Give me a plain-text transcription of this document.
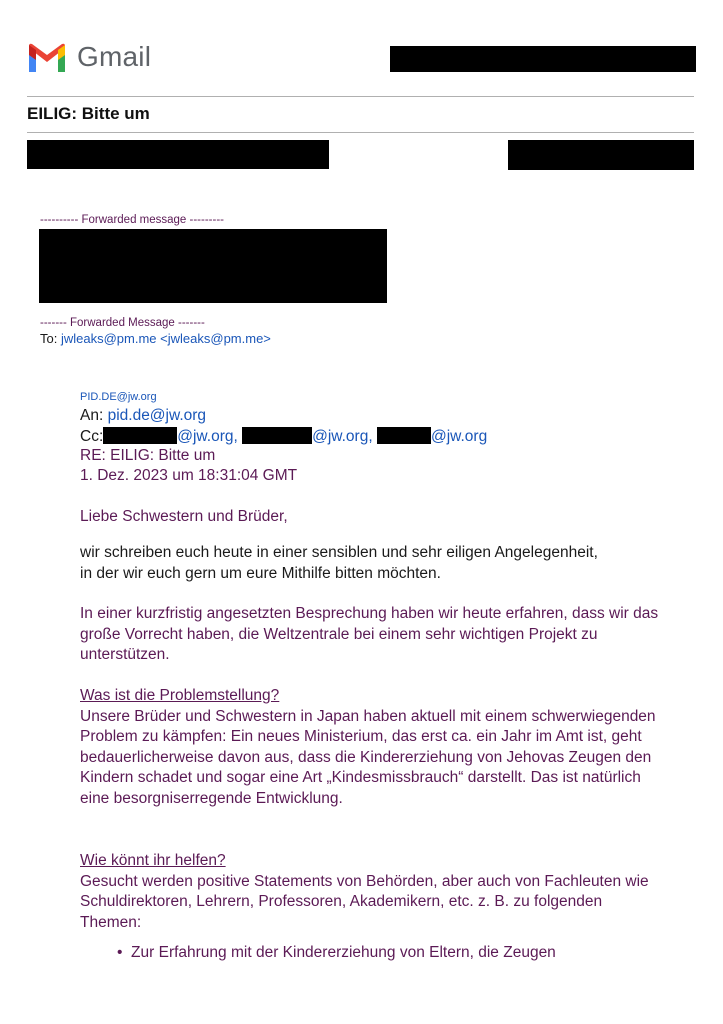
Gmail
EILIG: Bitte um
---------- Forwarded message ---------
------- Forwarded Message -------
To: jwleaks@pm.me <jwleaks@pm.me>
PID.DE@jw.org
An: pid.de@jw.org
Cc:	@jw.org,	@jw.org,	@jw.org
RE: EILIG: Bitte um
1. Dez. 2023 um 18:31:04 GMT
Liebe Schwestern und Brüder,
wir schreiben euch heute in einer sensiblen und sehr eiligen Angelegenheit, in der wir euch gern um eure Mithilfe bitten möchten.
In einer kurzfristig angesetzten Besprechung haben wir heute erfahren, dass wir das große Vorrecht haben, die Weltzentrale bei einem sehr wichtigen Projekt zu unterstützen.
Was ist die Problemstellung?
Unsere Brüder und Schwestern in Japan haben aktuell mit einem schwerwiegenden Problem zu kämpfen: Ein neues Ministerium, das erst ca. ein Jahr im Amt ist, geht bedauerlicherweise davon aus, dass die Kindererziehung von Jehovas Zeugen den Kindern schadet und sogar eine Art „Kindesmissbrauch“ darstellt. Das ist natürlich eine besorgniserregende Entwicklung.
Wie könnt ihr helfen?
Gesucht werden positive Statements von Behörden, aber auch von Fachleuten wie Schuldirektoren, Lehrern, Professoren, Akademikern, etc. z. B. zu folgenden Themen:
•  Zur Erfahrung mit der Kindererziehung von Eltern, die Zeugen
